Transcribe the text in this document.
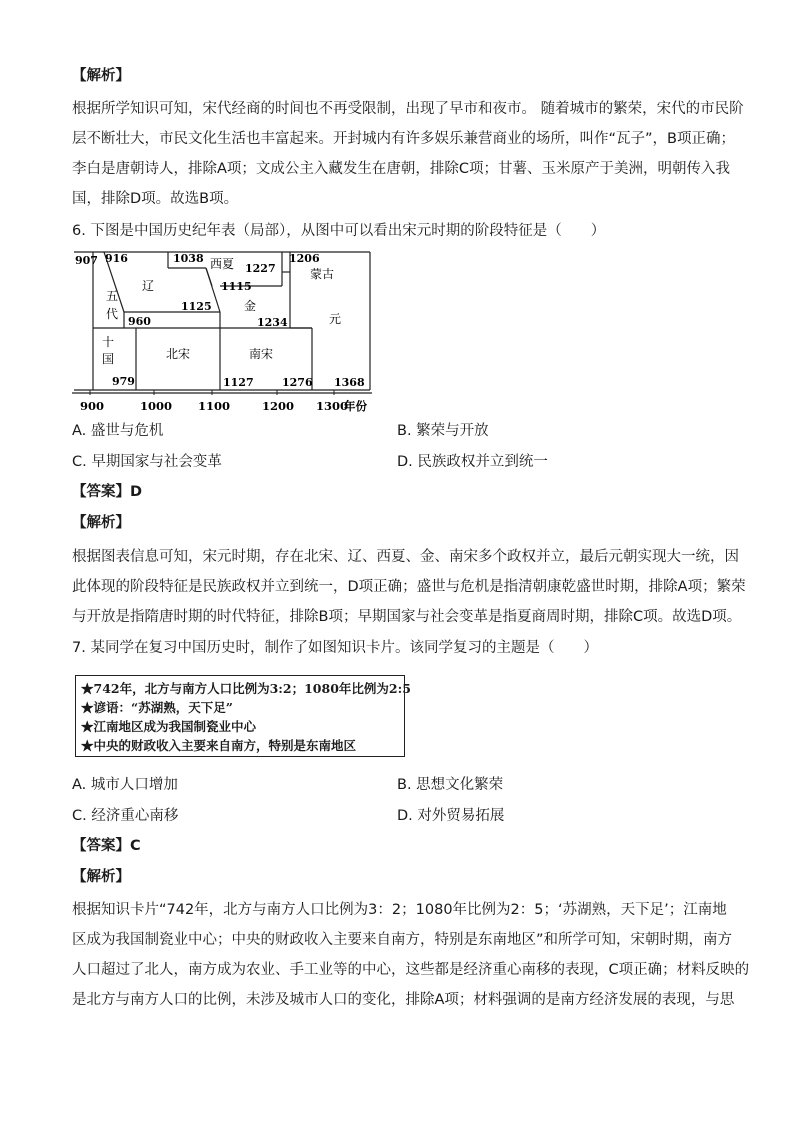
【解析】
根据所学知识可知，宋代经商的时间也不再受限制，出现了早市和夜市。 随着城市的繁荣，宋代的市民阶
层不断壮大，市民文化生活也丰富起来。开封城内有许多娱乐兼营商业的场所，叫作“瓦子”，B项正确；
李白是唐朝诗人，排除A项；文成公主入藏发生在唐朝，排除C项；甘薯、玉米原产于美洲，明朝传入我
国，排除D项。故选B项。
6. 下图是中国历史纪年表（局部），从图中可以看出宋元时期的阶段特征是（　　）
907 916	1038 西夏 1227
1206
蒙古
辽	1115
五
代
1125	金
元
960	1234
十
国	北宋	南宋
979	1127	1276 1368
900	1000 1100	1200 1300
年份
A. 盛世与危机	B. 繁荣与开放
C. 早期国家与社会变革	D. 民族政权并立到统一
【答案】D
【解析】
根据图表信息可知，宋元时期，存在北宋、辽、西夏、金、南宋多个政权并立，最后元朝实现大一统，因
此体现的阶段特征是民族政权并立到统一，D项正确；盛世与危机是指清朝康乾盛世时期，排除A项；繁荣
与开放是指隋唐时期的时代特征，排除B项；早期国家与社会变革是指夏商周时期，排除C项。故选D项。
7. 某同学在复习中国历史时，制作了如图知识卡片。该同学复习的主题是（　　）
★742年，北方与南方人口比例为3:2；1080年比例为2:5
★谚语：“苏湖熟，天下足”
★江南地区成为我国制瓷业中心
★中央的财政收入主要来自南方，特别是东南地区
A. 城市人口增加	B. 思想文化繁荣
C. 经济重心南移	D. 对外贸易拓展
【答案】C
【解析】
根据知识卡片“742年，北方与南方人口比例为3：2；1080年比例为2：5；‘苏湖熟，天下足’；江南地
区成为我国制瓷业中心；中央的财政收入主要来自南方，特别是东南地区”和所学可知，宋朝时期，南方
人口超过了北人，南方成为农业、手工业等的中心，这些都是经济重心南移的表现，C项正确；材料反映的
是北方与南方人口的比例，未涉及城市人口的变化，排除A项；材料强调的是南方经济发展的表现，与思
